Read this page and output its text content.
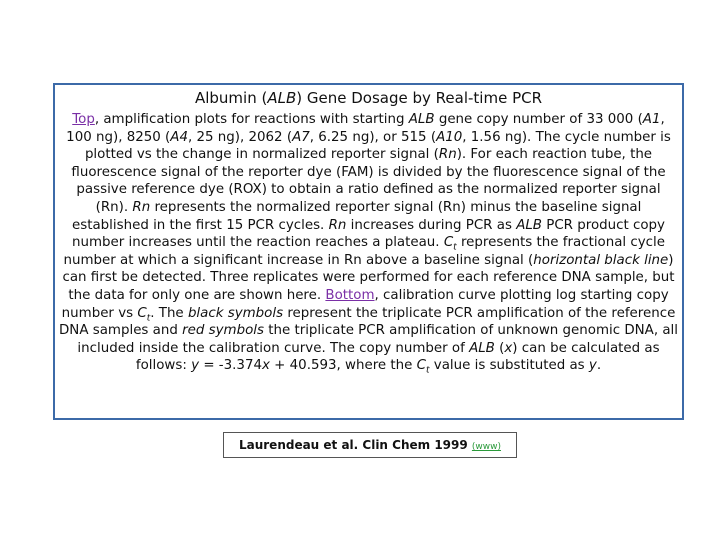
Albumin (ALB) Gene Dosage by Real-time PCR
Top, amplification plots for reactions with starting ALB gene copy number of 33 000 (A1, 100 ng), 8250 (A4, 25 ng), 2062 (A7, 6.25 ng), or 515 (A10, 1.56 ng). The cycle number is plotted vs the change in normalized reporter signal (Rn). For each reaction tube, the fluorescence signal of the reporter dye (FAM) is divided by the fluorescence signal of the passive reference dye (ROX) to obtain a ratio defined as the normalized reporter signal (Rn). Rn represents the normalized reporter signal (Rn) minus the baseline signal established in the first 15 PCR cycles. Rn increases during PCR as ALB PCR product copy number increases until the reaction reaches a plateau. $C_t$ represents the fractional cycle number at which a significant increase in Rn above a baseline signal (horizontal black line) can first be detected. Three replicates were performed for each reference DNA sample, but the data for only one are shown here. Bottom, calibration curve plotting log starting copy number vs $C_t$. The black symbols represent the triplicate PCR amplification of the reference DNA samples and red symbols the triplicate PCR amplification of unknown genomic DNA, all included inside the calibration curve. The copy number of ALB (x) can be calculated as follows: y = -3.374x + 40.593, where the $C_t$ value is substituted as y.
Laurendeau et al. Clin Chem 1999 (www)
